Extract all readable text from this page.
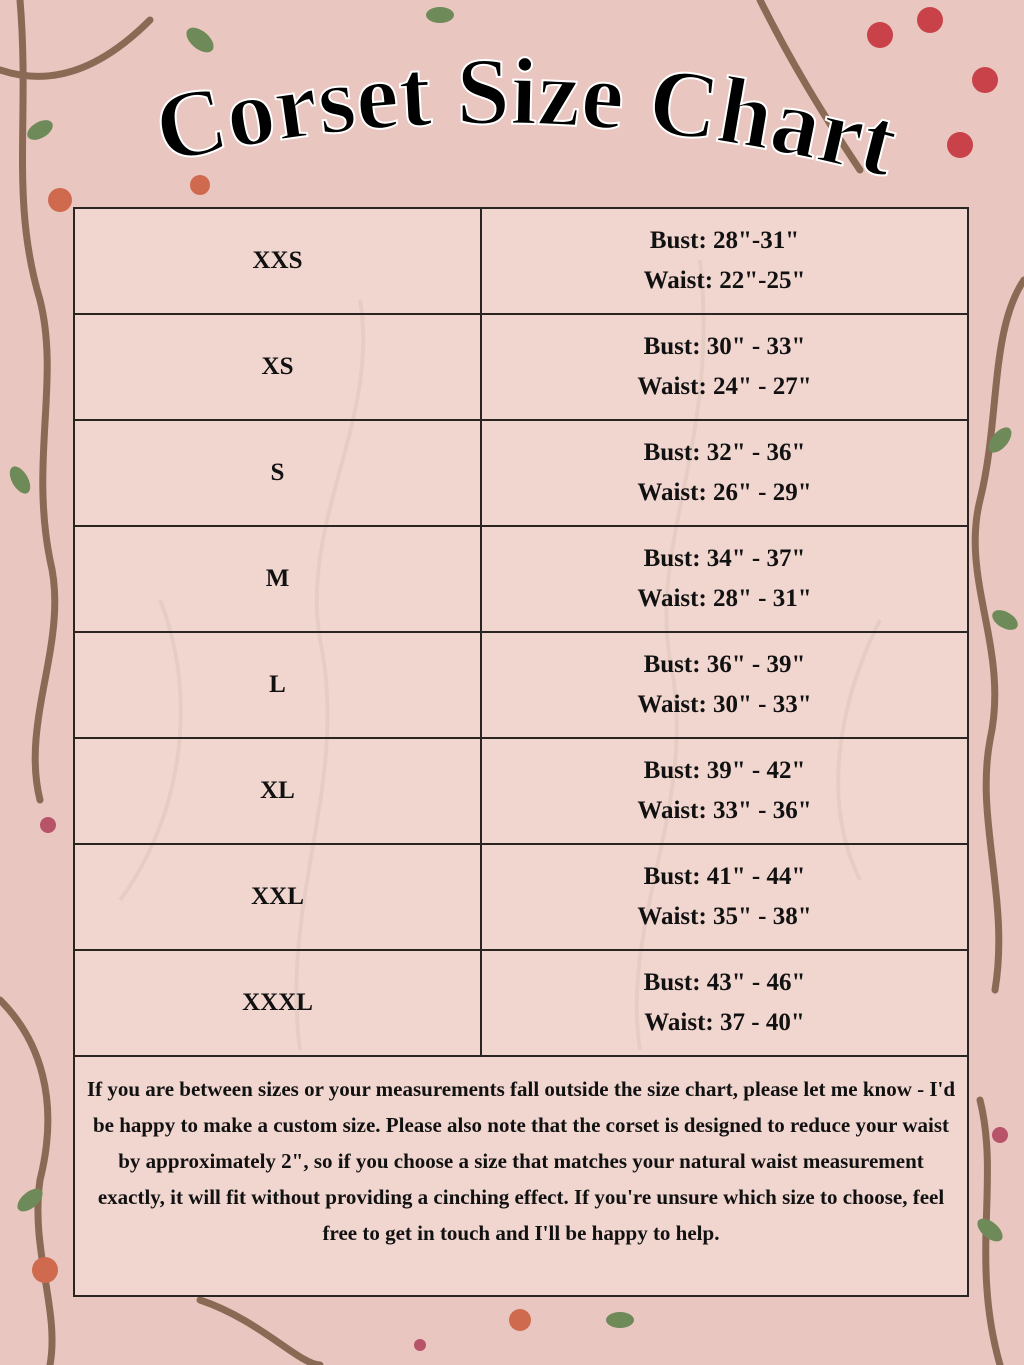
Corset Size Chart
If you are between sizes or your measurements fall outside the size chart, please let me know - I'd be happy to make a custom size. Please also note that the corset is designed to reduce your waist by approximately 2", so if you choose a size that matches your natural waist measurement exactly, it will fit without providing a cinching effect. If you're unsure which size to choose, feel free to get in touch and I'll be happy to help.
XXS
Bust: 28"-31"
Waist: 22"-25"
XS
Bust: 30" - 33"
Waist: 24" - 27"
S
Bust: 32" - 36"
Waist: 26" - 29"
M
Bust: 34" - 37"
Waist: 28" - 31"
L
Bust: 36" - 39"
Waist: 30" - 33"
XL
Bust: 39" - 42"
Waist: 33" - 36"
XXL
Bust: 41" - 44"
Waist: 35" - 38"
XXXL
Bust: 43" - 46"
Waist: 37 - 40"
